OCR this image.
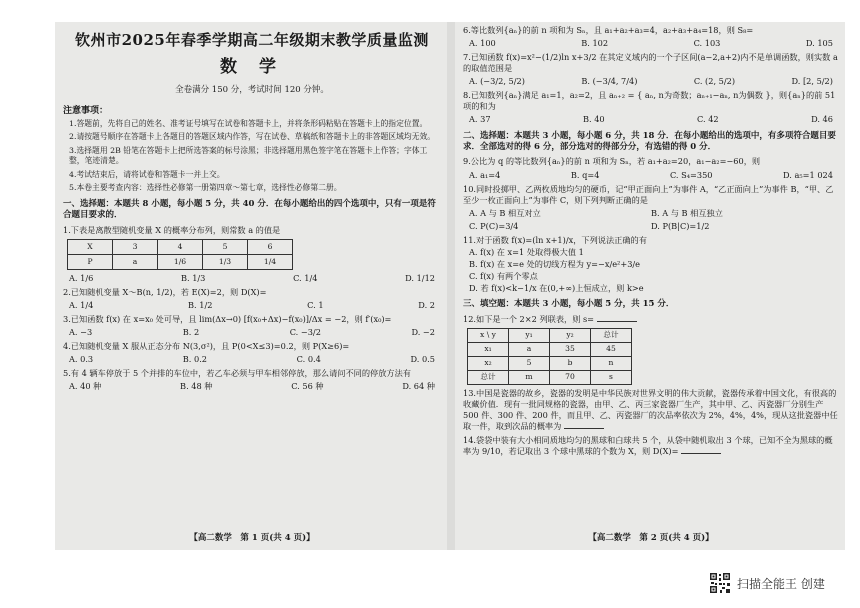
钦州市2025年春季学期高二年级期末教学质量监测
数 学
全卷满分 150 分，考试时间 120 分钟。
注意事项：
1.答题前，先将自己的姓名、准考证号填写在试卷和答题卡上，并将条形码粘贴在答题卡上的指定位置。
2.请按题号顺序在答题卡上各题目的答题区域内作答，写在试卷、草稿纸和答题卡上的非答题区域均无效。
3.选择题用 2B 铅笔在答题卡上把所选答案的标号涂黑；非选择题用黑色签字笔在答题卡上作答；字体工整，笔迹清楚。
4.考试结束后，请将试卷和答题卡一并上交。
5.本卷主要考查内容：选择性必修第一册第四章～第七章，选择性必修第二册。
一、选择题：本题共 8 小题，每小题 5 分，共 40 分．在每小题给出的四个选项中，只有一项是符合题目要求的．
1.下表是离散型随机变量 X 的概率分布列，则常数 a 的值是
X	3	4	5	6
P	a	1/6	1/3	1/4
A. 1/6	B. 1/3	C. 1/4	D. 1/12
2.已知随机变量 X～B(n, 1/2)，若 E(X)=2，则 D(X)=
A. 1/4	B. 1/2	C. 1	D. 2
3.已知函数 f(x) 在 x=x₀ 处可导，且 lim(Δx→0) [f(x₀+Δx)−f(x₀)]/Δx = −2，则 f′(x₀)=
A. −3	B. 2	C. −3/2	D. −2
4.已知随机变量 X 服从正态分布 N(3,σ²)，且 P(0<X≤3)=0.2，则 P(X≥6)=
A. 0.3	B. 0.2	C. 0.4	D. 0.5
5.有 4 辆车停放于 5 个并排的车位中，若乙车必须与甲车相邻停放，那么请问不同的停放方法有
A. 40 种	B. 48 种	C. 56 种	D. 64 种
【高二数学　第 1 页(共 4 页)】
6.等比数列{aₙ}的前 n 项和为 Sₙ，且 a₁+a₂+a₃=4，a₂+a₃+a₄=18，则 S₈=
A. 100	B. 102	C. 103	D. 105
7.已知函数 f(x)=x²−(1/2)ln x+3/2 在其定义域内的一个子区间(a−2,a+2)内不是单调函数，则实数 a 的取值范围是
A. (−3/2, 5/2)	B. (−3/4, 7/4)	C. (2, 5/2)	D. [2, 5/2)
8.已知数列{aₙ}满足 a₁=1，a₂=2，且 aₙ₊₂ = { aₙ, n为奇数；aₙ₊₁−aₙ, n为偶数 }，则{aₙ}的前 51 项的和为
A. 37	B. 40	C. 42	D. 46
二、选择题：本题共 3 小题，每小题 6 分，共 18 分．在每小题给出的选项中，有多项符合题目要求．全部选对的得 6 分，部分选对的得部分分，有选错的得 0 分．
9.公比为 q 的等比数列{aₙ}的前 n 项和为 Sₙ，若 a₁+a₂=20，a₁−a₂=−60，则
A. a₁=4	B. q=4	C. S₄=350	D. a₅=1 024
10.同时投掷甲、乙两枚质地均匀的硬币，记“甲正面向上”为事件 A，“乙正面向上”为事件 B，“甲、乙至少一枚正面向上”为事件 C，则下列判断正确的是
A. A 与 B 相互对立	B. A 与 B 相互独立
C. P(C)=3/4	D. P(B|C)=1/2
11.对于函数 f(x)=(ln x+1)/x，下列说法正确的有
A. f(x) 在 x=1 处取得极大值 1
B. f(x) 在 x=e 处的切线方程为 y=−x/e²+3/e
C. f(x) 有两个零点
D. 若 f(x)<k−1/x 在(0,+∞)上恒成立，则 k>e
三、填空题：本题共 3 小题，每小题 5 分，共 15 分．
12.如下是一个 2×2 列联表，则 s=
x \ y	y₁	y₂	总计
x₁	a	35	45
x₂	5	b	n
总计	m	70	s
13.中国是瓷器的故乡，瓷器的发明是中华民族对世界文明的伟大贡献，瓷器传承着中国文化，有很高的收藏价值．现有一批同规格的瓷器，由甲、乙、丙三家瓷器厂生产，其中甲、乙、丙瓷器厂分别生产 500 件、300 件、200 件，而且甲、乙、丙瓷器厂的次品率依次为 2%，4%，4%，现从这批瓷器中任取一件，取到次品的概率为
14.袋袋中装有大小相同质地均匀的黑球和白球共 5 个，从袋中随机取出 3 个球，已知不全为黑球的概率为 9/10，若记取出 3 个球中黑球的个数为 X，则 D(X)=
【高二数学　第 2 页(共 4 页)】
扫描全能王 创建
